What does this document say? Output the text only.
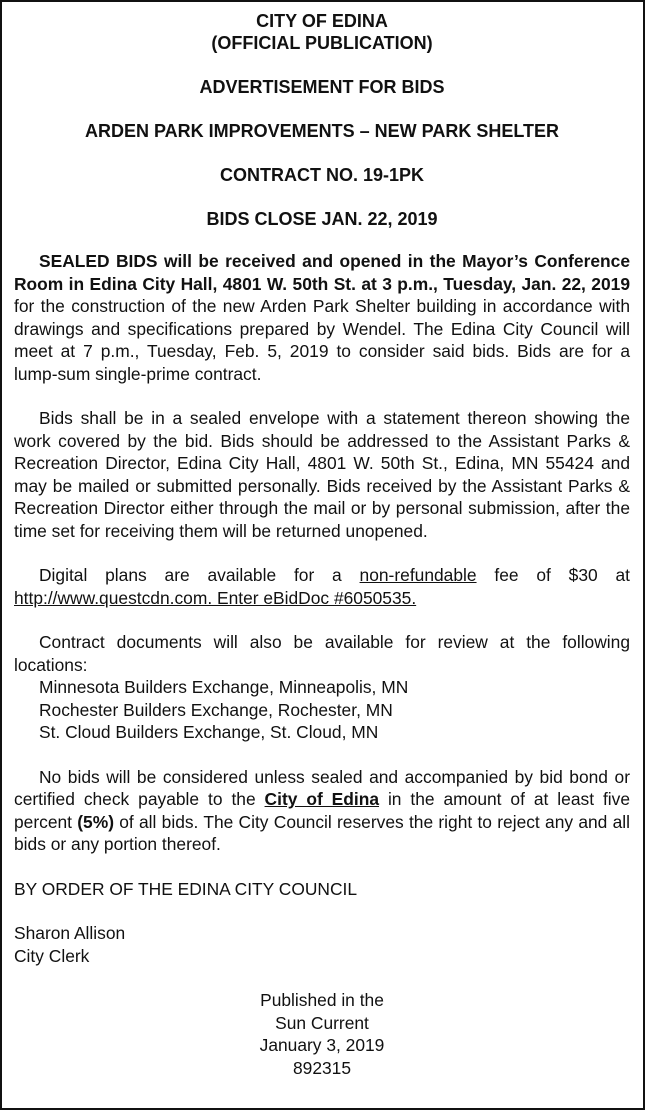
CITY OF EDINA
(OFFICIAL PUBLICATION)
ADVERTISEMENT FOR BIDS
ARDEN PARK IMPROVEMENTS – NEW PARK SHELTER
CONTRACT NO. 19-1PK
BIDS CLOSE JAN. 22, 2019

SEALED BIDS will be received and opened in the Mayor’s Conference Room in Edina City Hall, 4801 W. 50th St. at 3 p.m., Tuesday, Jan. 22, 2019 for the construction of the new Arden Park Shelter building in accordance with drawings and specifications prepared by Wendel. The Edina City Council will meet at 7 p.m., Tuesday, Feb. 5, 2019 to consider said bids. Bids are for a lump-sum single-prime contract.

Bids shall be in a sealed envelope with a statement thereon showing the work covered by the bid. Bids should be addressed to the Assistant Parks & Recreation Director, Edina City Hall, 4801 W. 50th St., Edina, MN 55424 and may be mailed or submitted personally. Bids received by the Assistant Parks & Recreation Director either through the mail or by personal submission, after the time set for receiving them will be returned unopened.

Digital plans are available for a non-refundable fee of $30 at http://www.questcdn.com. Enter eBidDoc #6050535.

Contract documents will also be available for review at the following locations:

Minnesota Builders Exchange, Minneapolis, MN

Rochester Builders Exchange, Rochester, MN

St. Cloud Builders Exchange, St. Cloud, MN

No bids will be considered unless sealed and accompanied by bid bond or certified check payable to the City of Edina in the amount of at least five percent (5%) of all bids. The City Council reserves the right to reject any and all bids or any portion thereof.

BY ORDER OF THE EDINA CITY COUNCIL

Sharon Allison

City Clerk

Published in the
Sun Current
January 3, 2019
892315
